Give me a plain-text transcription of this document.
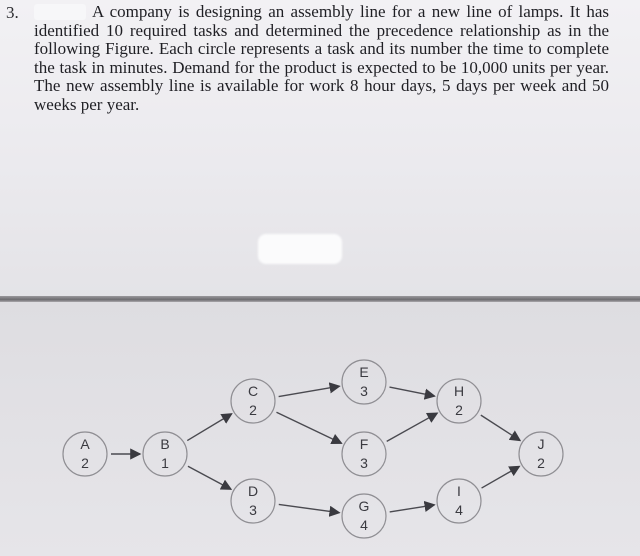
3.	A company is designing an assembly line for a new line of lamps. It has identified 10 required tasks and determined the precedence relationship as in the following Figure. Each circle represents a task and its number the time to complete the task in minutes. Demand for the product is expected to be 10,000 units per year. The new assembly line is available for work 8 hour days, 5 days per week and 50 weeks per year.

A
2
B
1
C
2
D
3
E
3
F
3
G
4
H
2
I
4
J
2
